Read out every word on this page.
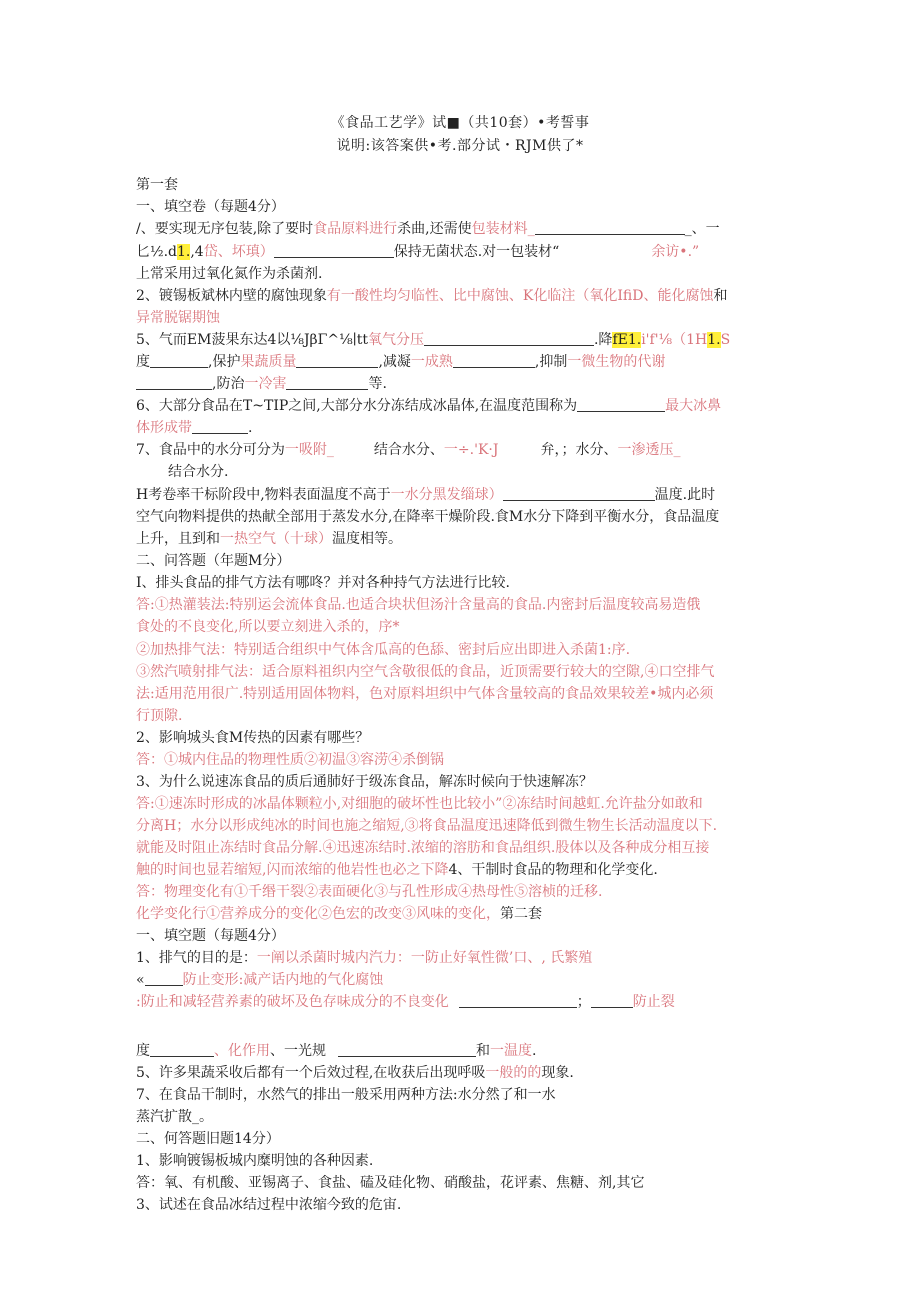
《食品工艺学》试■（共10套）•考誓事
说明:该答案供•考.部分试・RJM供了*
第一套
一、填空卷（每题4分）
/、要实现无序包装,除了要时食品原料进行杀曲,还需使包装材料_	_、一
匕½.d1.,4岱、坏瑱）	保持无菌状态.对一包装材“	余访•.”
上常采用过氧化氮作为杀菌剂.
2、镀锡板斌林内壁的腐蚀现象有一酸性均匀临性、比中腐蚀、K化临注（氧化IfiD、能化腐蚀和
异常脱锯期蚀
5、气而EM菠果东达4以⅛JβΓ^⅛∣tt氧气分压	.降fE1.i'f'⅛（1H1.S
度	,保护果蔬质量	,减凝一成熟	,抑制一微生物的代谢
,防治一冷害	等.
6、大部分食品在T~TIP之间,大部分水分冻结成冰晶体,在温度范围称为	最大冰鼻
体形成带	.
7、食品中的水分可分为一吸附_	结合水分、一÷.'K·J	弁，；水分、一渗透压_
结合水分.
H考卷率干标阶段中,物料表面温度不高于一水分黑发缁球）	温度.此时
空气向物料提供的热献全部用于蒸发水分,在降率干燥阶段.食M水分下降到平衡水分，食品温度
上升，且到和一热空气（十球）温度相等。
二、问答题（年题M分）
I、排头食品的排气方法有哪咚？并对各种持气方法进行比较.
答:①热灌装法:特别运会流体食品.也适合块状但汤汁含量高的食品.内密封后温度较高易造俄
食处的不良变化,所以要立刻进入杀的，序*
②加热排气法：特别适合组织中气体含瓜高的色舔、密封后应出即进入杀菌1:序.
③然汽喷射排气法：适合原料祖织内空气含敬很低的食品，近顶需要行较大的空隙,④口空排气
法:适用范用很广.特别适用固体物料，色对原料坦织中气体含量较高的食品效果较差•城内必须
行顶隙.
2、影响城头食M传热的因素有哪些？
答：①城内住品的物理性质②初温③容涝④杀倒锅
3、为什么说速冻食品的质后通肺好于级冻食品，解冻时候向于快速解冻？
答:①速冻时形成的冰晶体颗粒小,对细胞的破坏性也比较小”②冻结时间越虹.允许盐分如敢和
分离H；水分以形成纯冰的时间也施之缩短,③将食品温度迅速降低到微生物生长活动温度以下.
就能及时阻止冻结时食品分解.④迅速冻结时.浓缩的溶肪和食品组织.股体以及各种成分相互接
触的时间也显若缩短,闪而浓缩的他岩性也必之下降4、干制时食品的物理和化学变化.
答：物理变化有①千缗干裂②表面硬化③与孔性形成④热母性⑤溶桢的迁移.
化学变化行①营养成分的变化②色宏的改变③风味的变化，第二套
一、填空题（每题4分）
1、排气的目的是：一阐以杀菌时城内汽力：一防止好氧性微’口、, 氏繁殖
«	防止变形:减产话内地的气化腐蚀
:防止和减轻营养素的破坏及色存味成分的不良变化	；	防止裂
度	、化作用、一光规	和一温度.
5、许多果蔬采收后都有一个后效过程,在收获后出现呼吸一般的的现象.
7、在食品干制时，水然气的排出一般采用两种方法:水分然了和一水
蒸汽扩散_。
二、何答题旧题14分）
1、影响镀锡板城内糜明蚀的各种因素.
答：氧、有机酸、亚锡离子、食盐、磕及硅化物、硝酸盐，花评素、焦糖、剂,其它
3、试述在食品冰结过程中浓缩今致的危宙.
